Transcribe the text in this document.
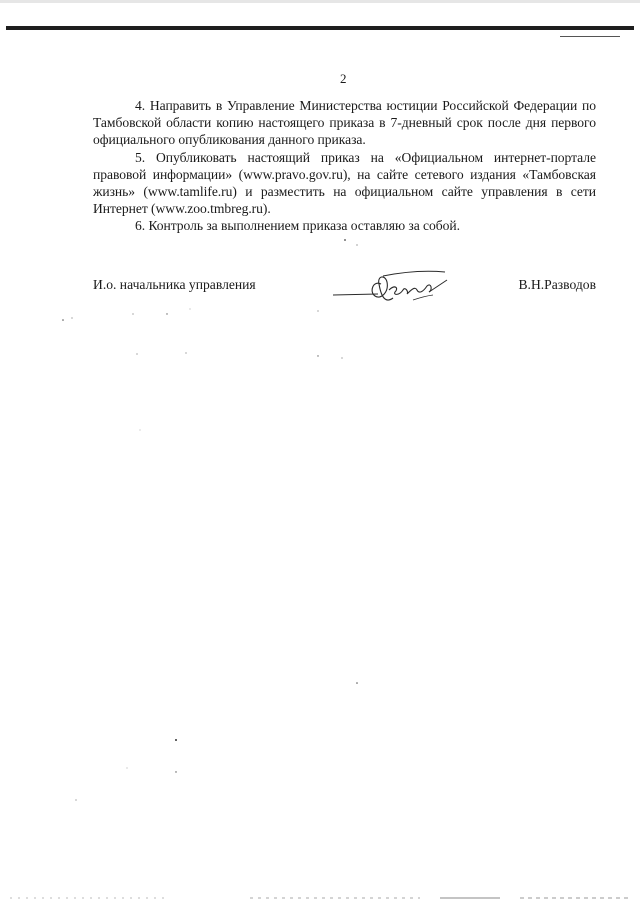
2

4. Направить в Управление Министерства юстиции Российской Федерации по Тамбовской области копию настоящего приказа в 7-дневный срок после дня первого официального опубликования данного приказа.

5. Опубликовать настоящий приказ на «Официальном интернет-портале правовой информации» (www.pravo.gov.ru), на сайте сетевого издания «Тамбовская жизнь» (www.tamlife.ru) и разместить на официальном сайте управления в сети Интернет (www.zoo.tmbreg.ru).

6. Контроль за выполнением приказа оставляю за собой.

И.о. начальника управления	В.Н.Разводов
